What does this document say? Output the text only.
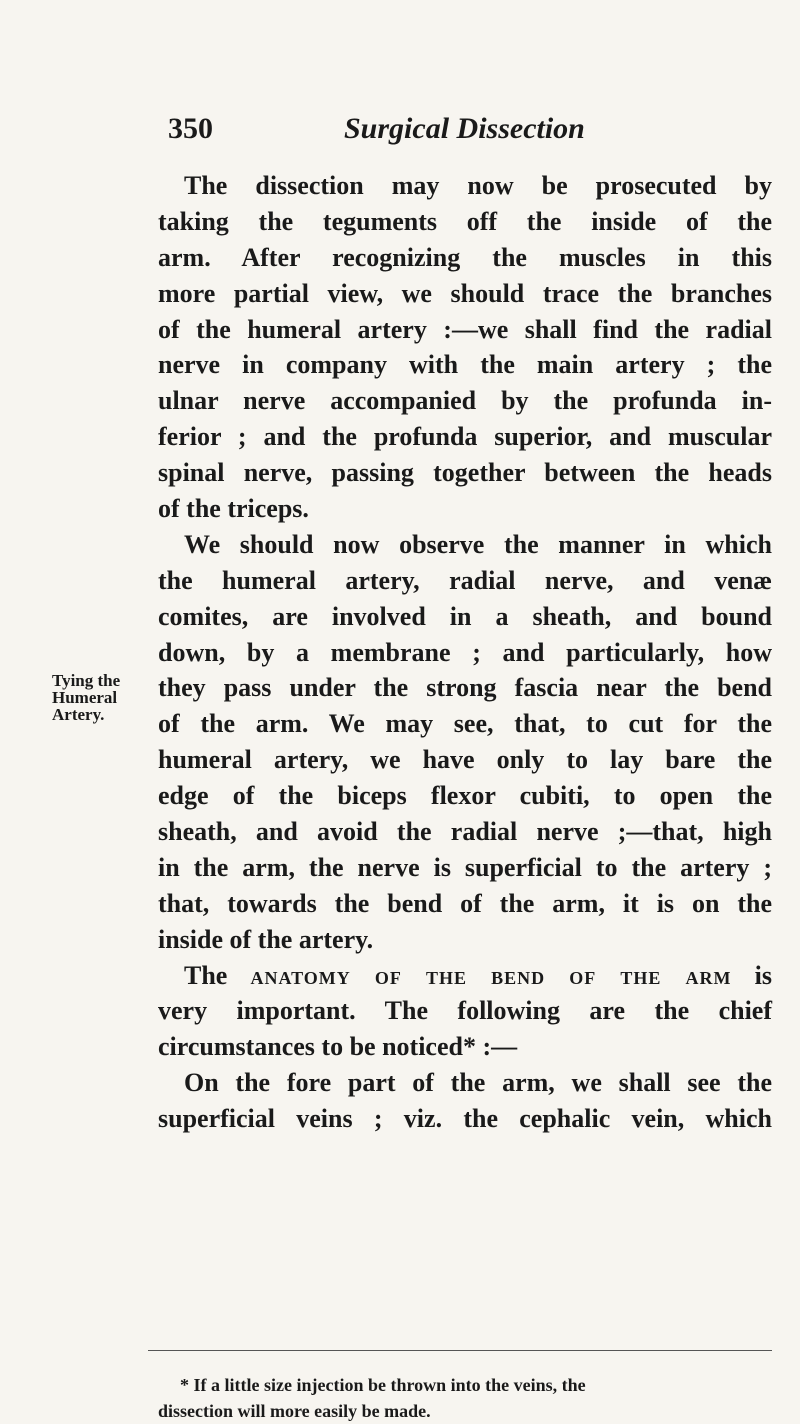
350	Surgical Dissection
Tying the
Humeral
Artery.
The dissection may now be prosecuted by
taking the teguments off the inside of the
arm. After recognizing the muscles in this
more partial view, we should trace the branches
of the humeral artery :—we shall find the radial
nerve in company with the main artery ; the
ulnar nerve accompanied by the profunda in-
ferior ; and the profunda superior, and muscular
spinal nerve, passing together between the heads
of the triceps.
We should now observe the manner in which
the humeral artery, radial nerve, and venæ
comites, are involved in a sheath, and bound
down, by a membrane ; and particularly, how
they pass under the strong fascia near the bend
of the arm. We may see, that, to cut for the
humeral artery, we have only to lay bare the
edge of the biceps flexor cubiti, to open the
sheath, and avoid the radial nerve ;—that, high
in the arm, the nerve is superficial to the artery ;
that, towards the bend of the arm, it is on the
inside of the artery.
The anatomy of the bend of the arm is
very important. The following are the chief
circumstances to be noticed* :—
On the fore part of the arm, we shall see the
superficial veins ; viz. the cephalic vein, which
* If a little size injection be thrown into the veins, the
dissection will more easily be made.
